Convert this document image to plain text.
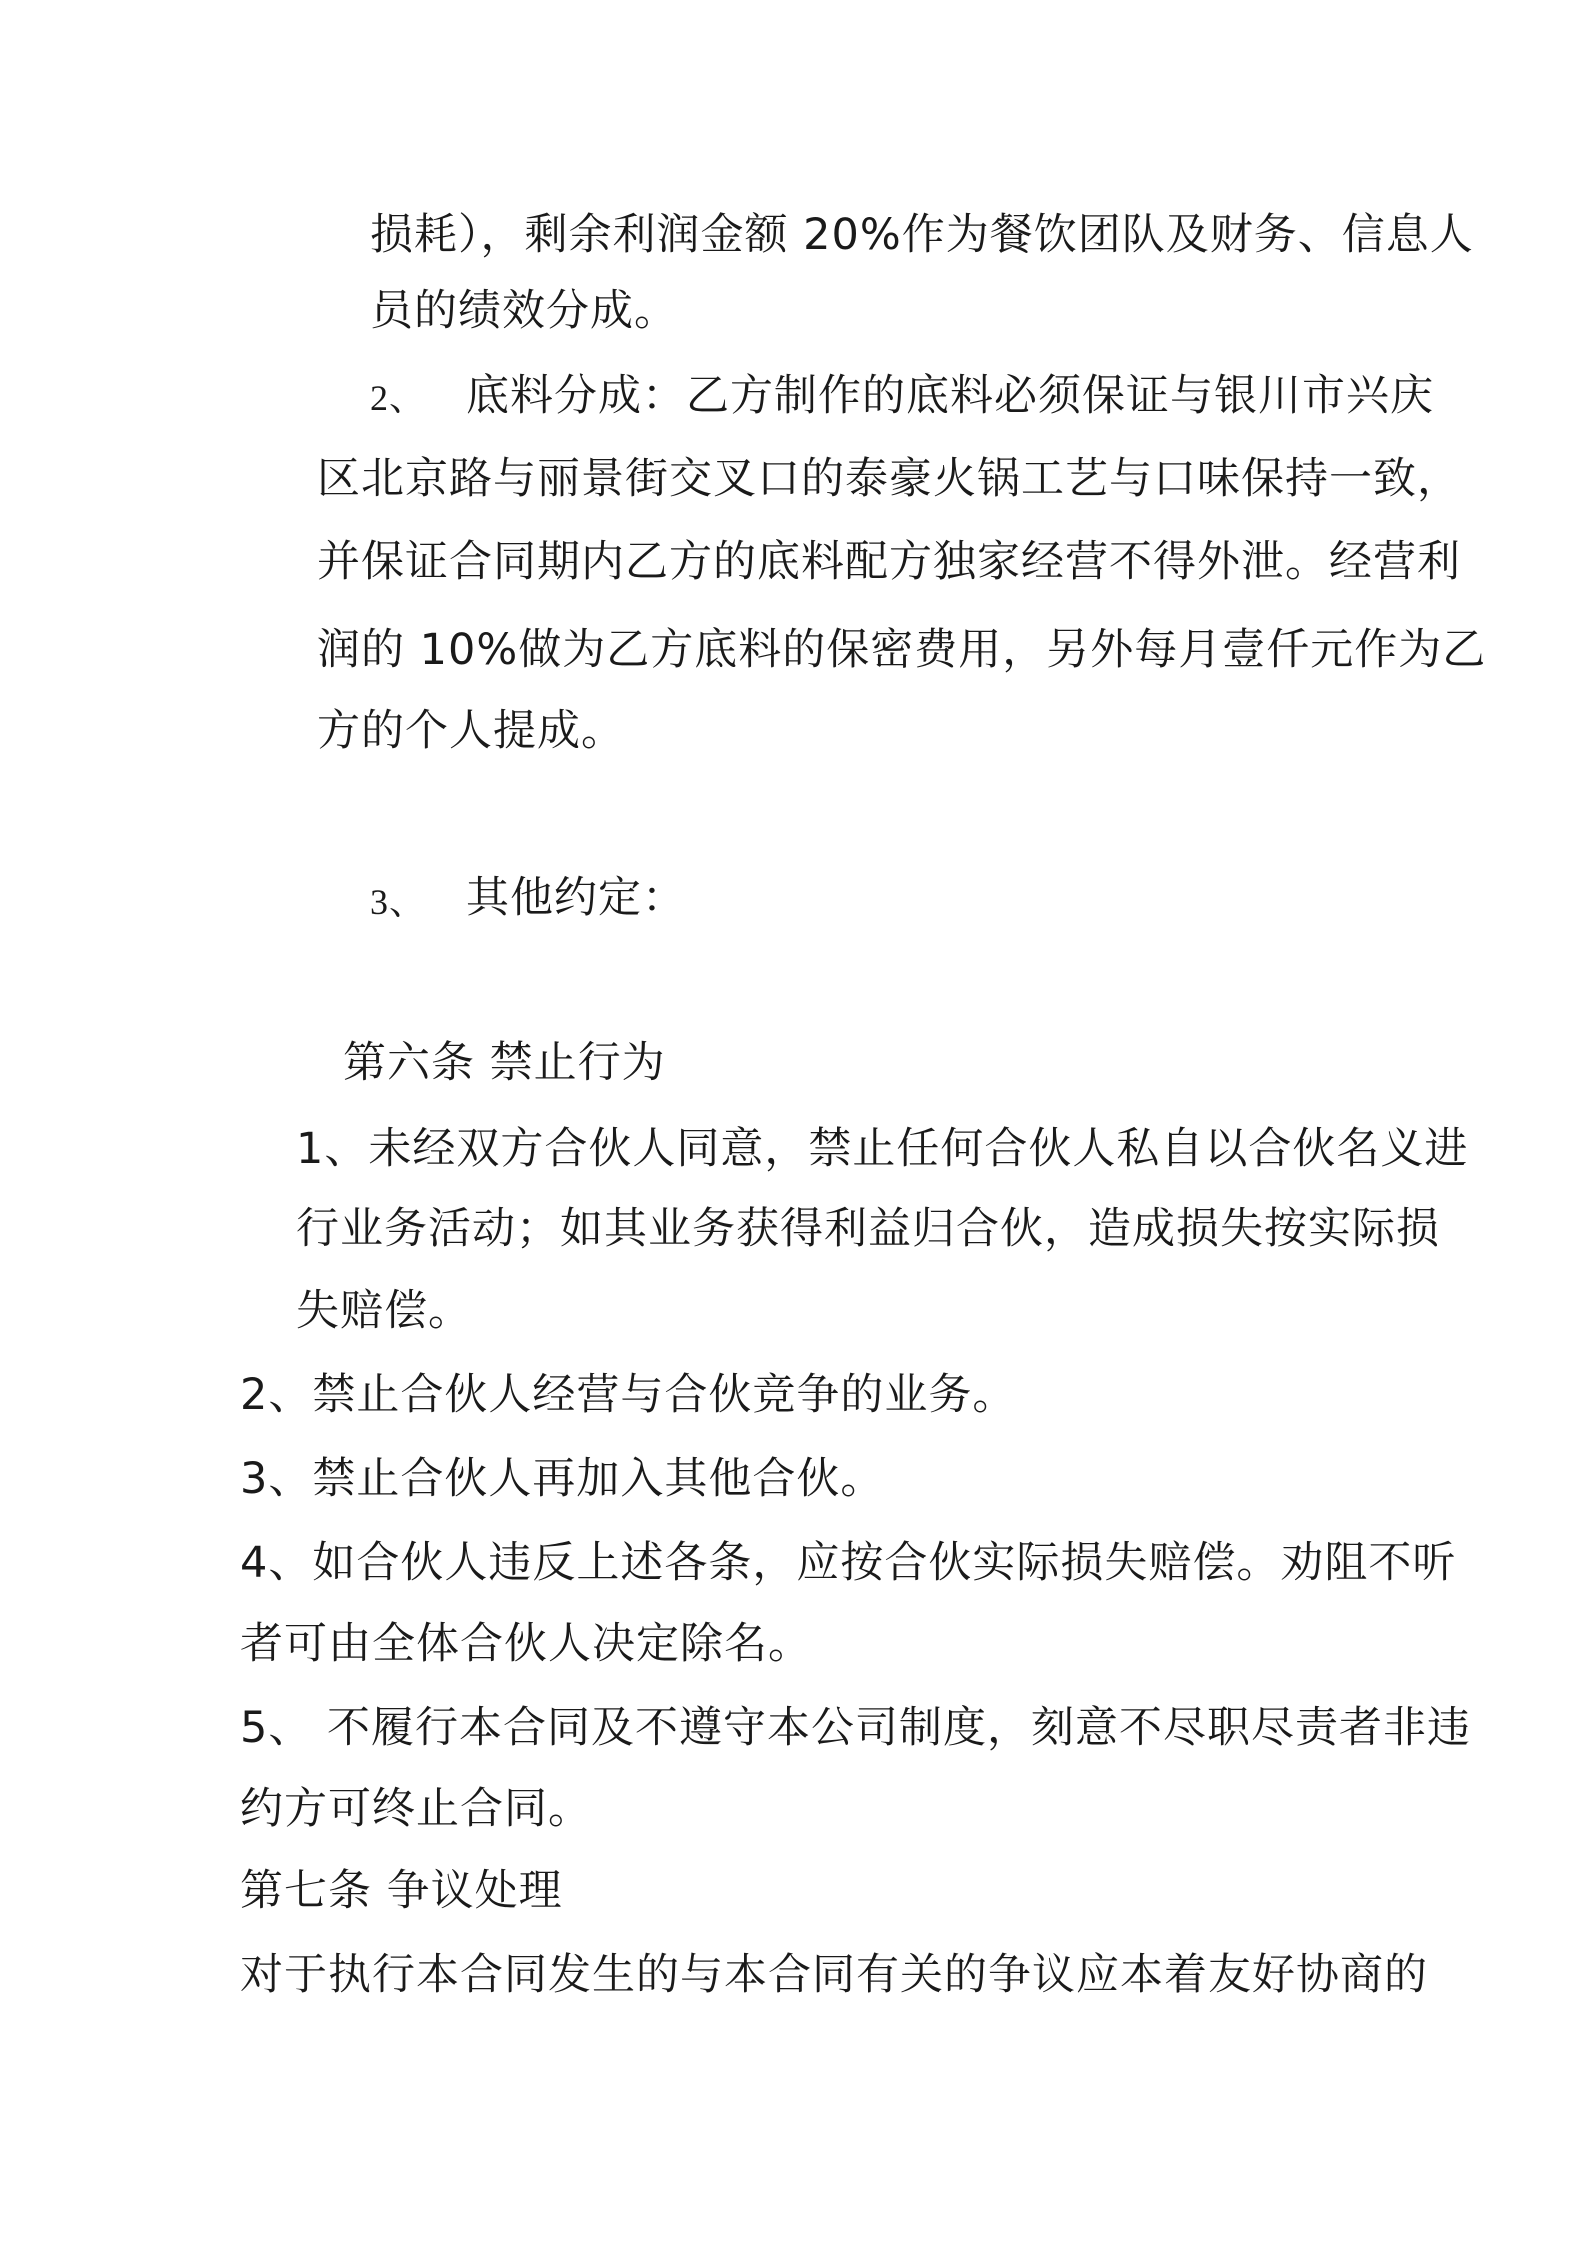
损耗），剩余利润金额 20%作为餐饮团队及财务、信息人
员的绩效分成。
2、 底料分成：乙方制作的底料必须保证与银川市兴庆
区北京路与丽景街交叉口的泰豪火锅工艺与口味保持一致，
并保证合同期内乙方的底料配方独家经营不得外泄。经营利
润的 10%做为乙方底料的保密费用，另外每月壹仟元作为乙
方的个人提成。
3、 其他约定：
第六条 禁止行为
1、未经双方合伙人同意，禁止任何合伙人私自以合伙名义进
行业务活动；如其业务获得利益归合伙，造成损失按实际损
失赔偿。
2、禁止合伙人经营与合伙竞争的业务。
3、禁止合伙人再加入其他合伙。
4、如合伙人违反上述各条，应按合伙实际损失赔偿。劝阻不听
者可由全体合伙人决定除名。
5、 不履行本合同及不遵守本公司制度，刻意不尽职尽责者非违
约方可终止合同。
第七条 争议处理
对于执行本合同发生的与本合同有关的争议应本着友好协商的
